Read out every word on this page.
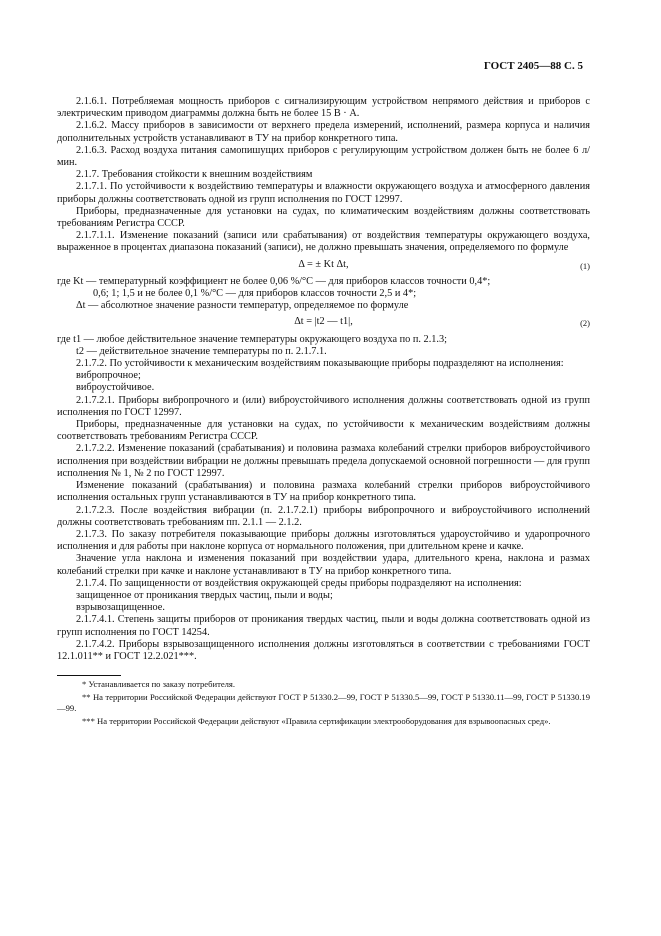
ГОСТ 2405—88 С. 5

2.1.6.1. Потребляемая мощность приборов с сигнализирующим устройством непрямого действия и приборов с электрическим приводом диаграммы должна быть не более 15 В · А.

2.1.6.2. Массу приборов в зависимости от верхнего предела измерений, исполнений, размера корпуса и наличия дополнительных устройств устанавливают в ТУ на прибор конкретного типа.

2.1.6.3. Расход воздуха питания самопишущих приборов с регулирующим устройством должен быть не более 6 л/мин.

2.1.7. Требования стойкости к внешним воздействиям

2.1.7.1. По устойчивости к воздействию температуры и влажности окружающего воздуха и атмосферного давления приборы должны соответствовать одной из групп исполнения по ГОСТ 12997.

Приборы, предназначенные для установки на судах, по климатическим воздействиям должны соответствовать требованиям Регистра СССР.

2.1.7.1.1. Изменение показаний (записи или срабатывания) от воздействия температуры окружающего воздуха, выраженное в процентах диапазона показаний (записи), не должно превышать значения, определяемого по формуле

Δ = ± Kt Δt,	(1)

где Kt — температурный коэффициент не более 0,06 %/°С — для приборов классов точности 0,4*;

0,6; 1; 1,5 и не более 0,1 %/°С — для приборов классов точности 2,5 и 4*;

Δt — абсолютное значение разности температур, определяемое по формуле

Δt = |t2 — t1|,	(2)

где t1 — любое действительное значение температуры окружающего воздуха по п. 2.1.3;

t2 — действительное значение температуры по п. 2.1.7.1.

2.1.7.2. По устойчивости к механическим воздействиям показывающие приборы подразделяют на исполнения:

вибропрочное;

виброустойчивое.

2.1.7.2.1. Приборы вибропрочного и (или) виброустойчивого исполнения должны соответствовать одной из групп исполнения по ГОСТ 12997.

Приборы, предназначенные для установки на судах, по устойчивости к механическим воздействиям должны соответствовать требованиям Регистра СССР.

2.1.7.2.2. Изменение показаний (срабатывания) и половина размаха колебаний стрелки приборов виброустойчивого исполнения при воздействии вибрации не должны превышать предела допускаемой основной погрешности — для групп исполнения № 1, № 2 по ГОСТ 12997.

Изменение показаний (срабатывания) и половина размаха колебаний стрелки приборов виброустойчивого исполнения остальных групп устанавливаются в ТУ на прибор конкретного типа.

2.1.7.2.3. После воздействия вибрации (п. 2.1.7.2.1) приборы вибропрочного и виброустойчивого исполнений должны соответствовать требованиям пп. 2.1.1 — 2.1.2.

2.1.7.3. По заказу потребителя показывающие приборы должны изготовляться удароустойчиво и ударопрочного исполнения и для работы при наклоне корпуса от нормального положения, при длительном крене и качке.

Значение угла наклона и изменения показаний при воздействии удара, длительного крена, наклона и размах колебаний стрелки при качке и наклоне устанавливают в ТУ на прибор конкретного типа.

2.1.7.4. По защищенности от воздействия окружающей среды приборы подразделяют на исполнения:

защищенное от проникания твердых частиц, пыли и воды;

взрывозащищенное.

2.1.7.4.1. Степень защиты приборов от проникания твердых частиц, пыли и воды должна соответствовать одной из групп исполнения по ГОСТ 14254.

2.1.7.4.2. Приборы взрывозащищенного исполнения должны изготовляться в соответствии с требованиями ГОСТ 12.1.011** и ГОСТ 12.2.021***.

* Устанавливается по заказу потребителя.

** На территории Российской Федерации действуют ГОСТ Р 51330.2—99, ГОСТ Р 51330.5—99, ГОСТ Р 51330.11—99, ГОСТ Р 51330.19—99.

*** На территории Российской Федерации действуют «Правила сертификации электрооборудования для взрывоопасных сред».
